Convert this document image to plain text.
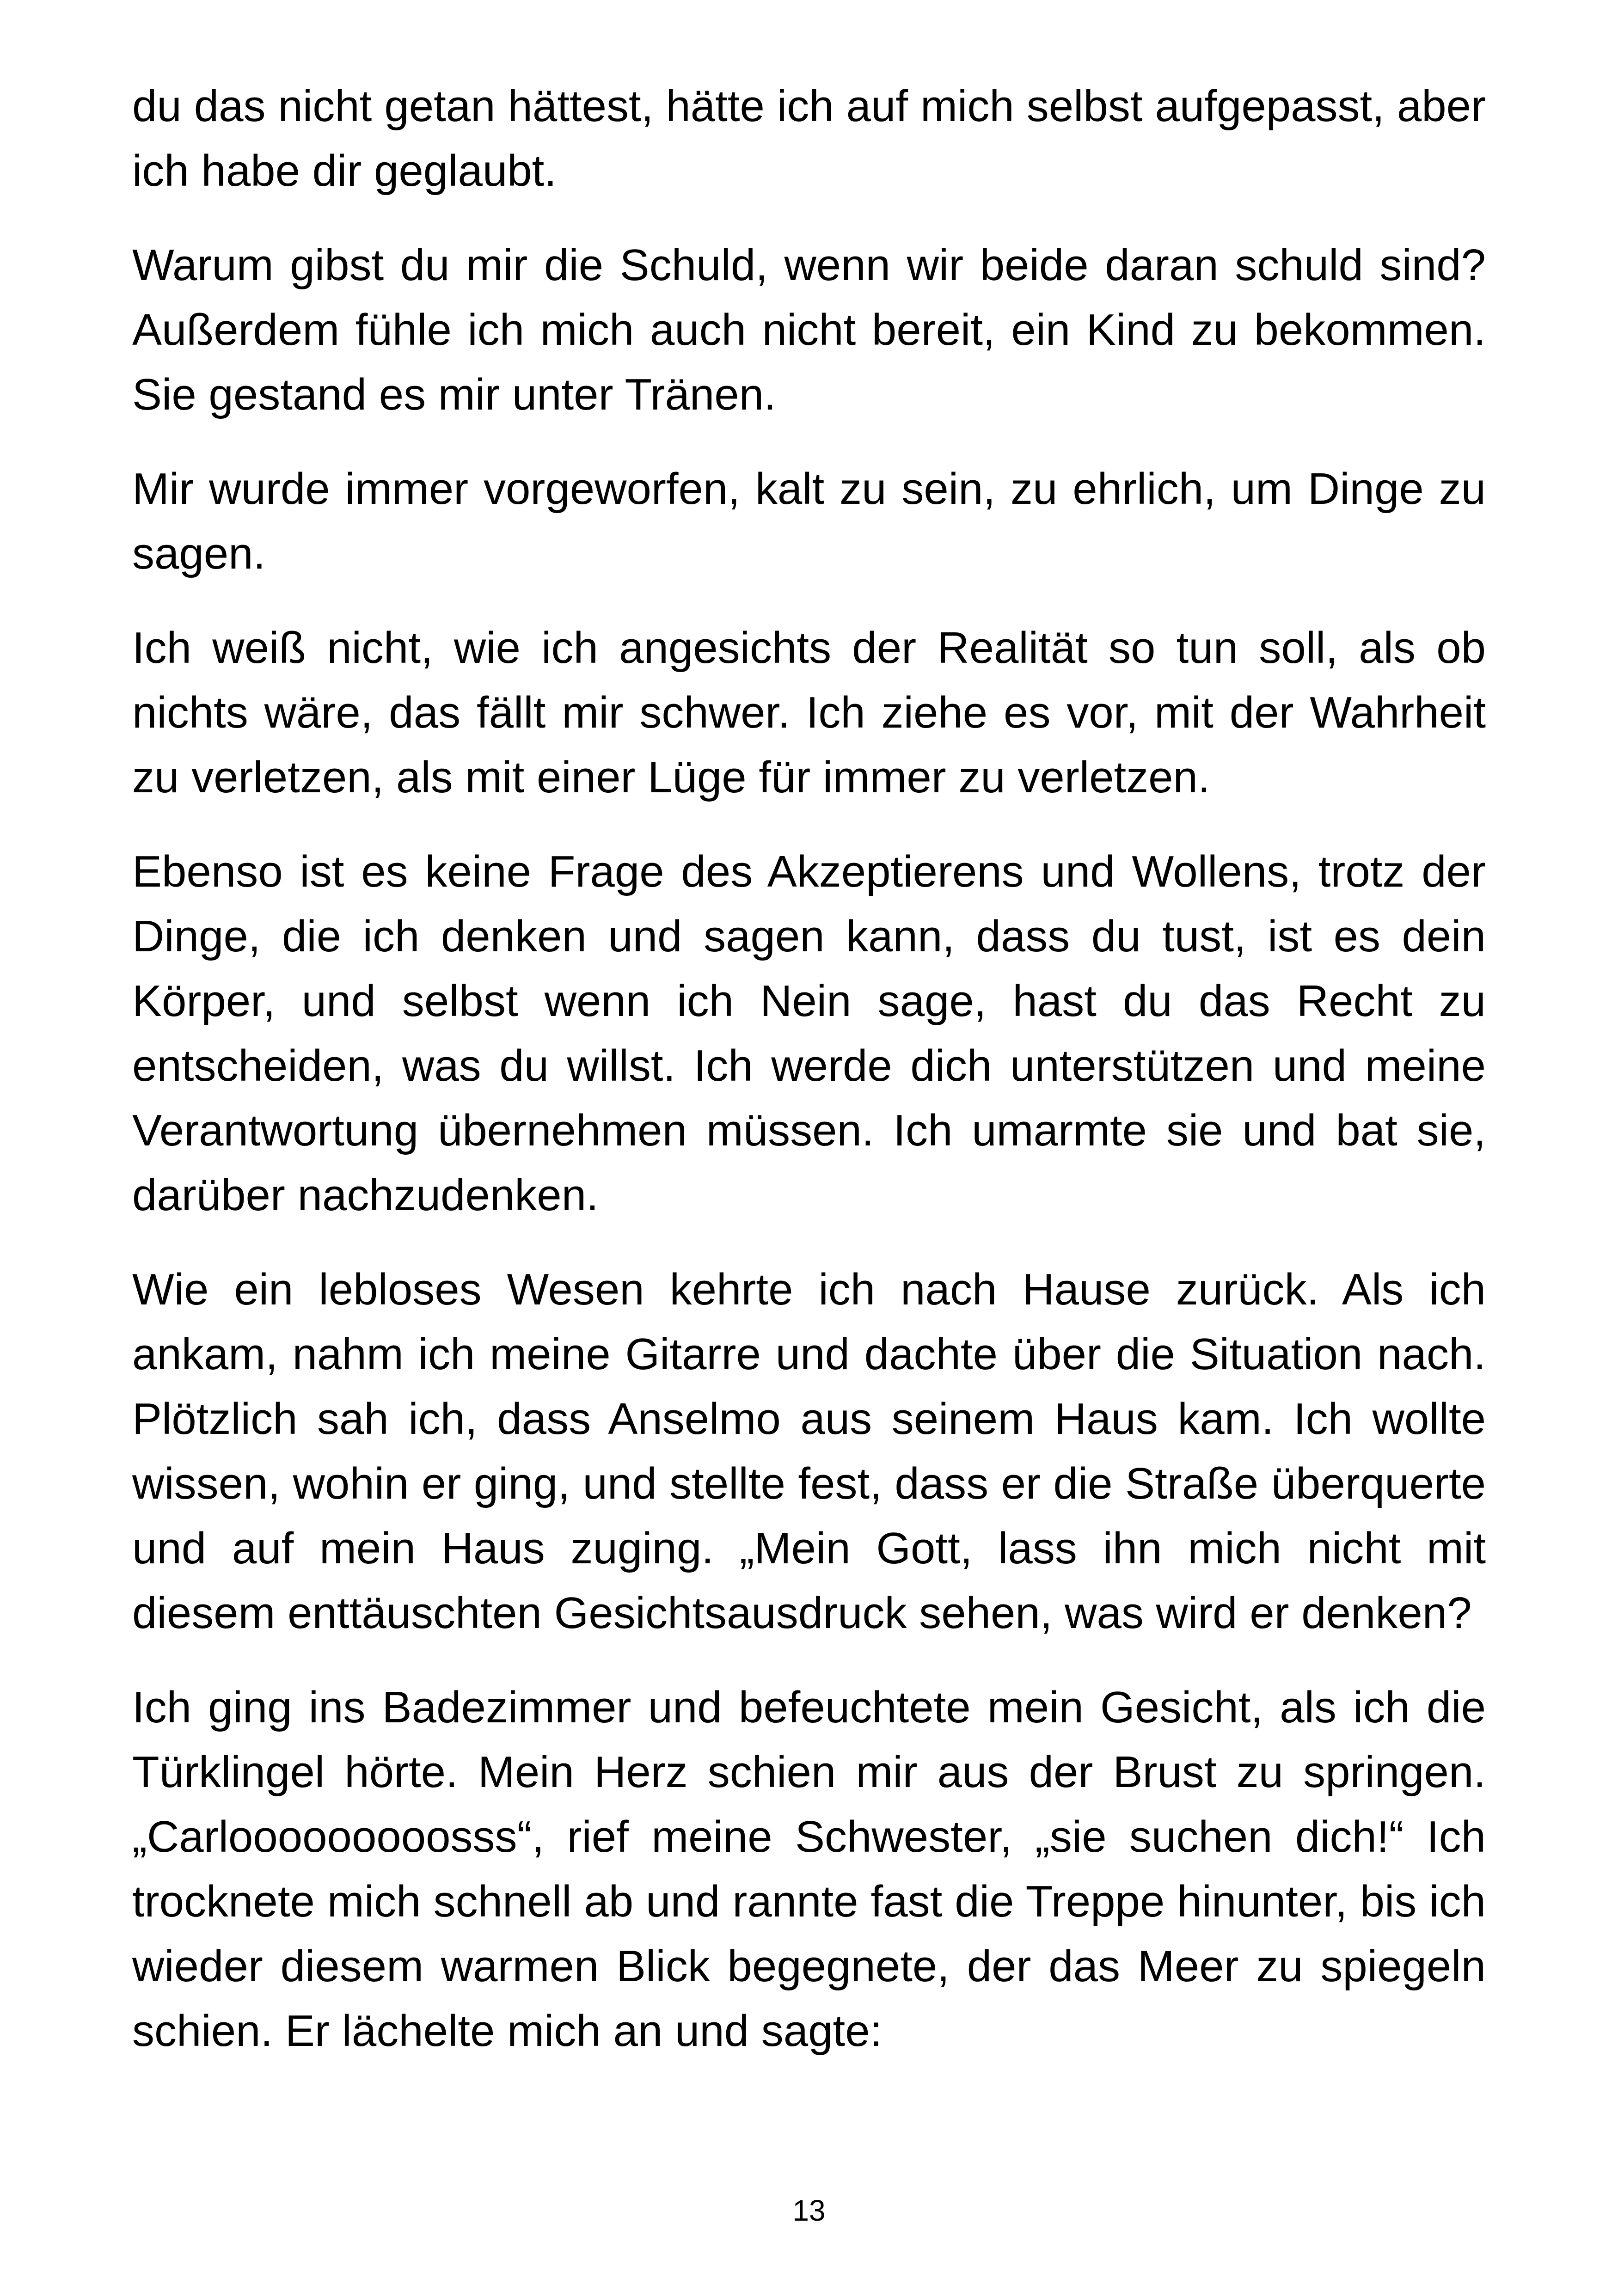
du das nicht getan hättest, hätte ich auf mich selbst aufgepasst, aber ich habe dir geglaubt.

Warum gibst du mir die Schuld, wenn wir beide daran schuld sind? Außerdem fühle ich mich auch nicht bereit, ein Kind zu bekommen. Sie gestand es mir unter Tränen.

Mir wurde immer vorgeworfen, kalt zu sein, zu ehrlich, um Dinge zu sagen.

Ich weiß nicht, wie ich angesichts der Realität so tun soll, als ob nichts wäre, das fällt mir schwer. Ich ziehe es vor, mit der Wahrheit zu verletzen, als mit einer Lüge für immer zu verletzen.

Ebenso ist es keine Frage des Akzeptierens und Wollens, trotz der Dinge, die ich denken und sagen kann, dass du tust, ist es dein Körper, und selbst wenn ich Nein sage, hast du das Recht zu entscheiden, was du willst. Ich werde dich unterstützen und meine Verantwortung übernehmen müssen. Ich umarmte sie und bat sie, darüber nachzudenken.

Wie ein lebloses Wesen kehrte ich nach Hause zurück. Als ich ankam, nahm ich meine Gitarre und dachte über die Situation nach. Plötzlich sah ich, dass Anselmo aus seinem Haus kam. Ich wollte wissen, wohin er ging, und stellte fest, dass er die Straße überquerte und auf mein Haus zuging. „Mein Gott, lass ihn mich nicht mit diesem enttäuschten Gesichtsausdruck sehen, was wird er denken?

Ich ging ins Badezimmer und befeuchtete mein Gesicht, als ich die Türklingel hörte. Mein Herz schien mir aus der Brust zu springen. „Carlooooooooosss“, rief meine Schwester, „sie suchen dich!“ Ich trocknete mich schnell ab und rannte fast die Treppe hinunter, bis ich wieder diesem warmen Blick begegnete, der das Meer zu spiegeln schien. Er lächelte mich an und sagte:

13
